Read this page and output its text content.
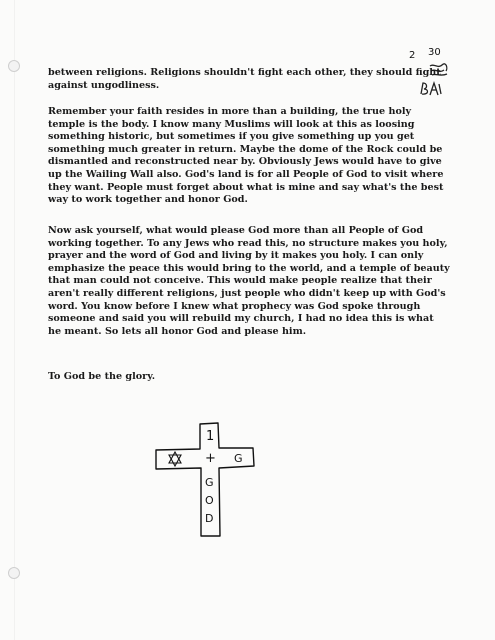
2 30
between religions. Religions shouldn't fight each other, they should fight against ungodliness.
Remember your faith resides in more than a building, the true holy temple is the body. I know many Muslims will look at this as loosing something historic, but sometimes if you give something up you get something much greater in return. Maybe the dome of the Rock could be dismantled and reconstructed near by. Obviously Jews would have to give up the Wailing Wall also. God's land is for all People of God to visit where they want. People must forget about what is mine and say what's the best way to work together and honor God.
Now ask yourself, what would please God more than all People of God working together. To any Jews who read this, no structure makes you holy, prayer and the word of God and living by it makes you holy. I can only emphasize the peace this would bring to the world, and a temple of beauty that man could not conceive. This would make people realize that their aren't really different religions, just people who didn't keep up with God's word. You know before I knew what prophecy was God spoke through someone and said you will rebuild my church, I had no idea this is what he meant. So lets all honor God and please him.
To God be the glory.
1
+ G
G
O
D
